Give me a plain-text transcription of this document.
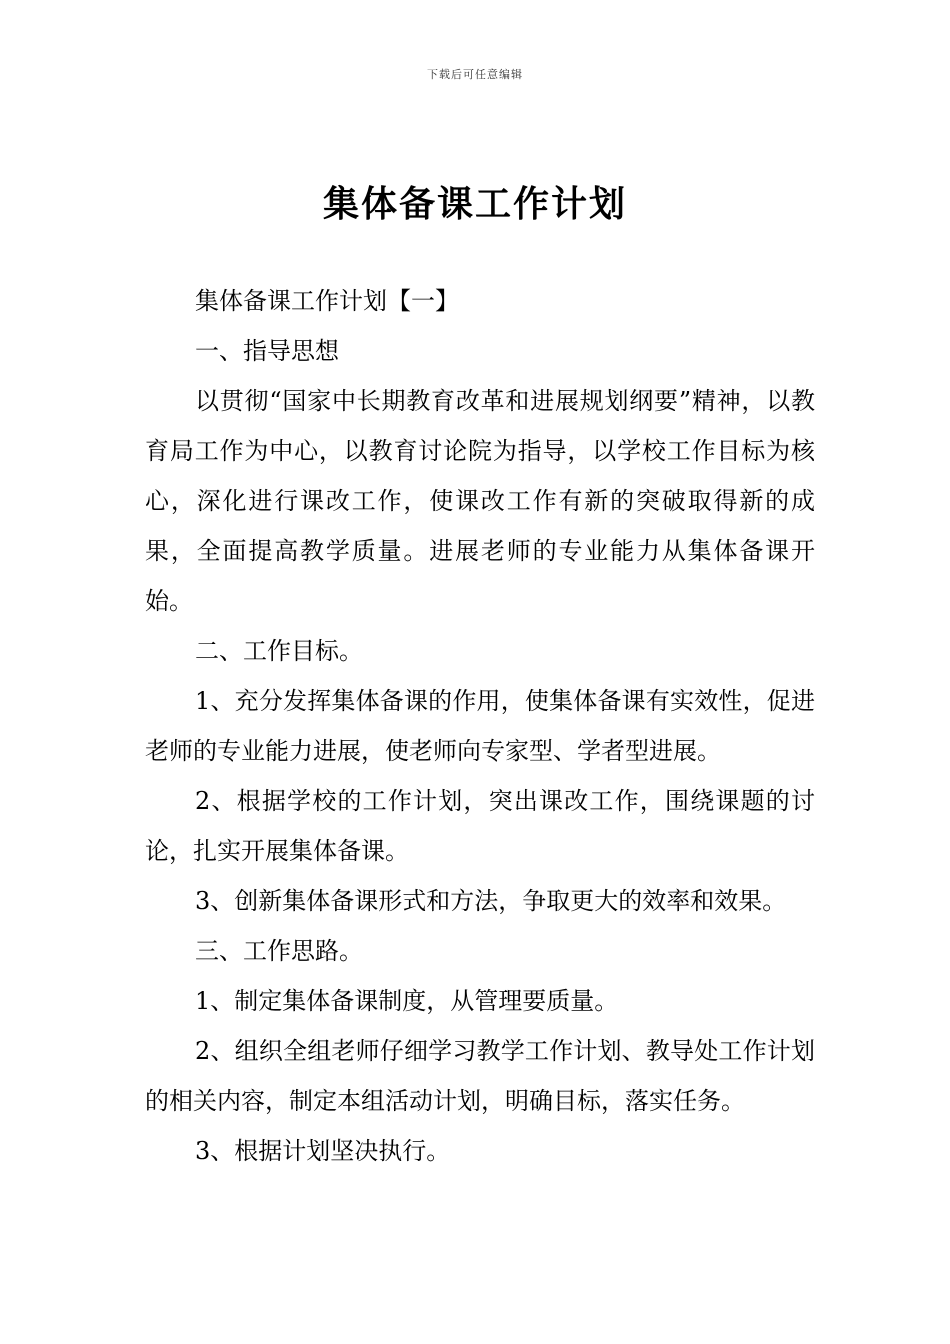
下载后可任意编辑
集体备课工作计划

集体备课工作计划【一】

一、指导思想

以贯彻“国家中长期教育改革和进展规划纲要”精神，以教育局工作为中心，以教育讨论院为指导，以学校工作目标为核心，深化进行课改工作，使课改工作有新的突破取得新的成果，全面提高教学质量。进展老师的专业能力从集体备课开始。

二、工作目标。

1、充分发挥集体备课的作用，使集体备课有实效性，促进老师的专业能力进展，使老师向专家型、学者型进展。

2、根据学校的工作计划，突出课改工作，围绕课题的讨论，扎实开展集体备课。

3、创新集体备课形式和方法，争取更大的效率和效果。

三、工作思路。

1、制定集体备课制度，从管理要质量。

2、组织全组老师仔细学习教学工作计划、教导处工作计划的相关内容，制定本组活动计划，明确目标，落实任务。

3、根据计划坚决执行。
